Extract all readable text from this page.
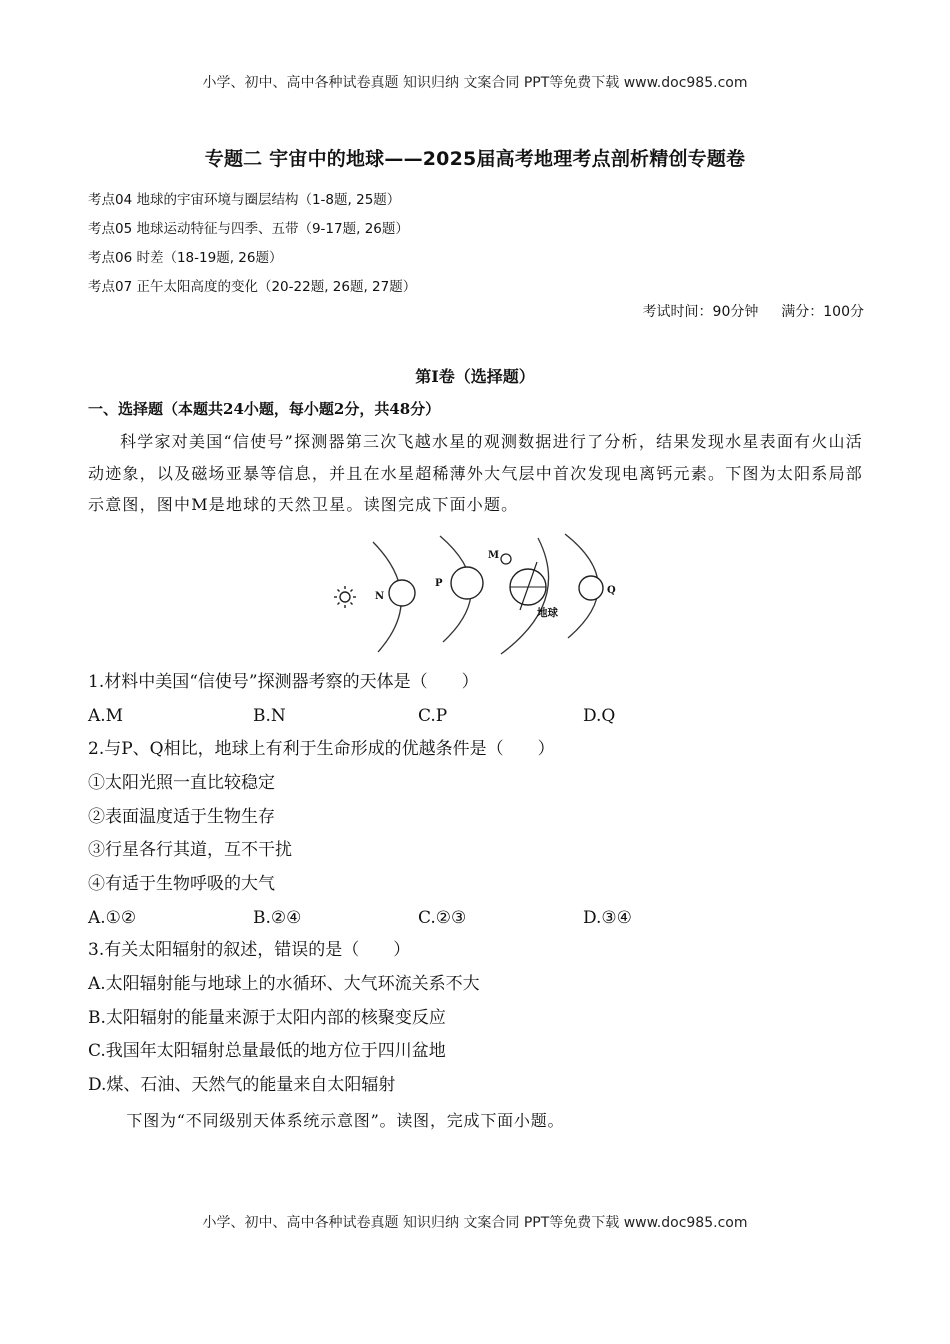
小学、初中、高中各种试卷真题 知识归纳 文案合同 PPT等免费下载 www.doc985.com
专题二 宇宙中的地球——2025届高考地理考点剖析精创专题卷
考点04 地球的宇宙环境与圈层结构（1-8题, 25题）
考点05 地球运动特征与四季、五带（9-17题, 26题）
考点06 时差（18-19题, 26题）
考点07 正午太阳高度的变化（20-22题, 26题, 27题）
考试时间：90分钟 满分：100分
第Ⅰ卷（选择题）
一、选择题（本题共24小题，每小题2分，共48分）
科学家对美国“信使号”探测器第三次飞越水星的观测数据进行了分析，结果发现水星表面有火山活动迹象，以及磁场亚暴等信息，并且在水星超稀薄外大气层中首次发现电离钙元素。下图为太阳系局部示意图，图中M是地球的天然卫星。读图完成下面小题。
N
P
M
地球
Q
1.材料中美国“信使号”探测器考察的天体是（　　）
A.M	B.N	C.P	D.Q
2.与P、Q相比，地球上有利于生命形成的优越条件是（　　）
①太阳光照一直比较稳定
②表面温度适于生物生存
③行星各行其道，互不干扰
④有适于生物呼吸的大气
A.①②	B.②④	C.②③	D.③④
3.有关太阳辐射的叙述，错误的是（　　）
A.太阳辐射能与地球上的水循环、大气环流关系不大
B.太阳辐射的能量来源于太阳内部的核聚变反应
C.我国年太阳辐射总量最低的地方位于四川盆地
D.煤、石油、天然气的能量来自太阳辐射
下图为“不同级别天体系统示意图”。读图，完成下面小题。
小学、初中、高中各种试卷真题 知识归纳 文案合同 PPT等免费下载 www.doc985.com
